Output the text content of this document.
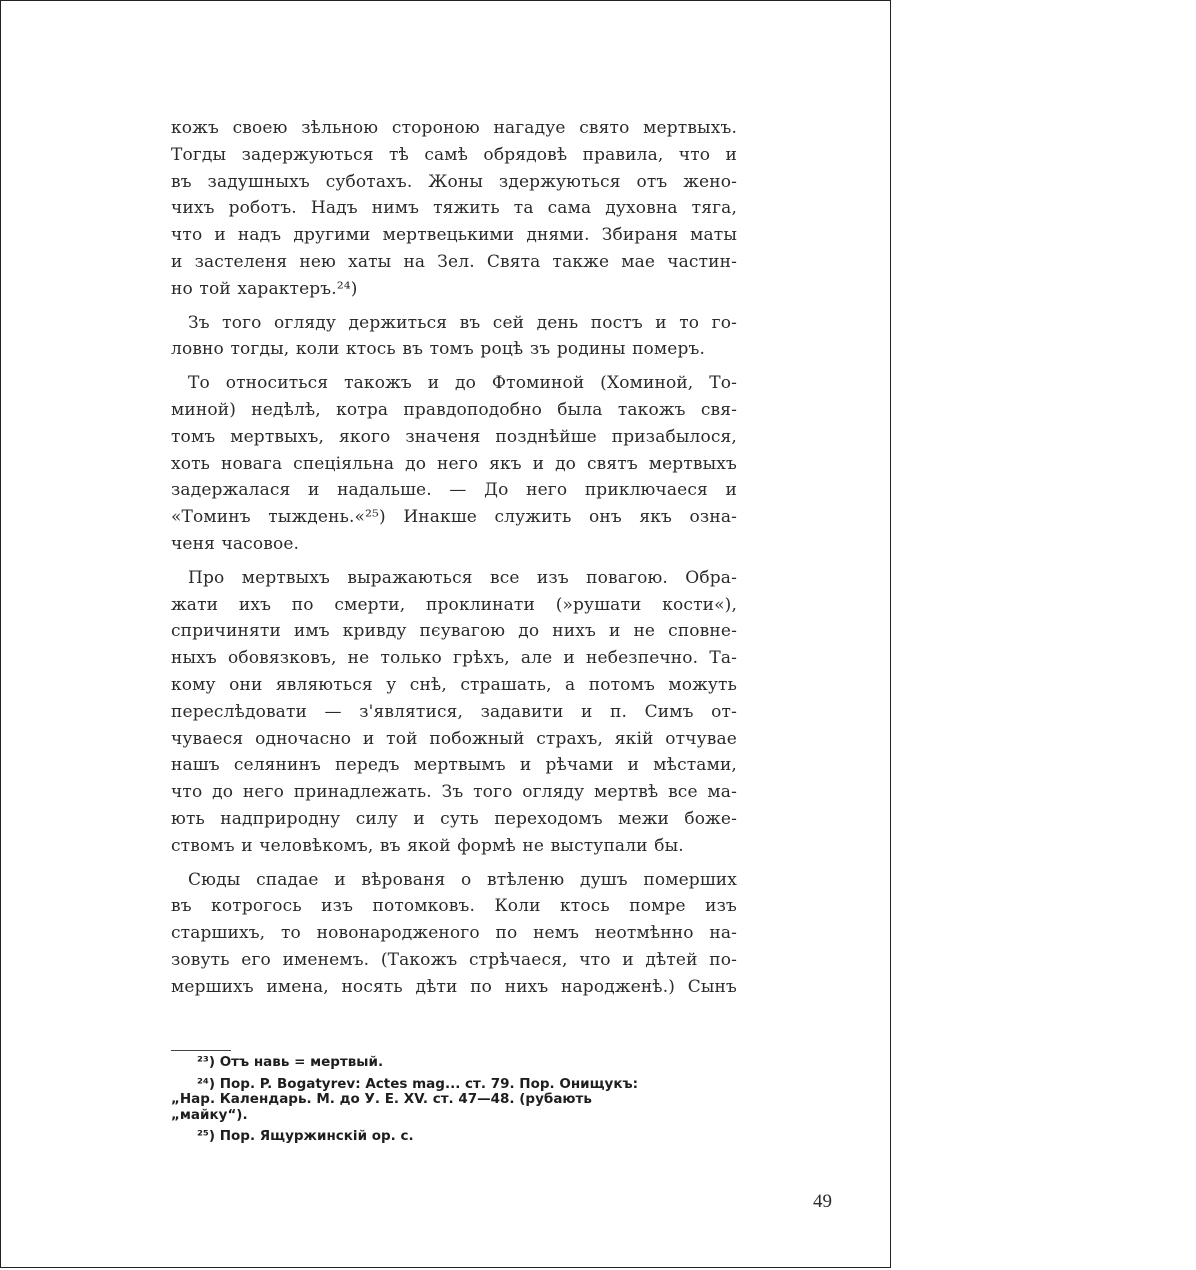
кожъ своею зѣльною стороною нагадуе свято мертвыхъ.
Тогды задержуються тѣ самѣ обрядовѣ правила, что и
въ задушныхъ суботахъ. Жоны здержуються отъ жено-
чихъ роботъ. Надъ нимъ тяжить та сама духовна тяга,
что и надъ другими мертвецькими днями. Збираня маты
и застеленя нею хаты на Зел. Свята также мае частин-
но той характеръ.²⁴)

Зъ того огляду держиться въ сей день постъ и то го-
ловно тогды, коли ктось въ томъ роцѣ зъ родины померъ.

То относиться такожъ и до Фтоминой (Хоминой, То-
миной) недѣлѣ, котра правдоподобно была такожъ свя-
томъ мертвыхъ, якого значеня позднѣйше призабылося,
хоть новага спеціяльна до него якъ и до святъ мертвыхъ
задержалася и надальше. — До него приключаеся и
«Томинъ тыждень.«²⁵) Инакше служить онъ якъ озна-
ченя часовое.

Про мертвыхъ выражаються все изъ повагою. Обра-
жати ихъ по смерти, проклинати (»рушати кости«),
спричиняти имъ кривду пєувагою до нихъ и не сповне-
ныхъ обовязковъ, не только грѣхъ, але и небезпечно. Та-
кому они являються у снѣ, страшать, а потомъ можуть
переслѣдовати — з'являтися, задавити и п. Симъ от-
чуваеся одночасно и той побожный страхъ, якій отчувае
нашъ селянинъ передъ мертвымъ и рѣчами и мѣстами,
что до него принадлежать. Зъ того огляду мертвѣ все ма-
ють надприродну силу и суть переходомъ межи боже-
ствомъ и человѣкомъ, въ якой формѣ не выступали бы.

Сюды спадае и вѣрованя о втѣленю душъ померших
въ котрогось изъ потомковъ. Коли ктось помре изъ
старшихъ, то новонародженого по немъ неотмѣнно на-
зовуть его именемъ. (Такожъ стрѣчаеся, что и дѣтей по-
мершихъ имена, носять дѣти по нихъ народженѣ.) Сынъ

²³) Отъ навь = мертвый.
²⁴) Пор. P. Bogatyrev: Actes mag... ст. 79. Пор. Онищукъ:
„Нар. Календарь. М. до У. Е. XV. ст. 47—48. (рубають
„майку“).
²⁵) Пор. Ящуржинскій ор. с.
49
